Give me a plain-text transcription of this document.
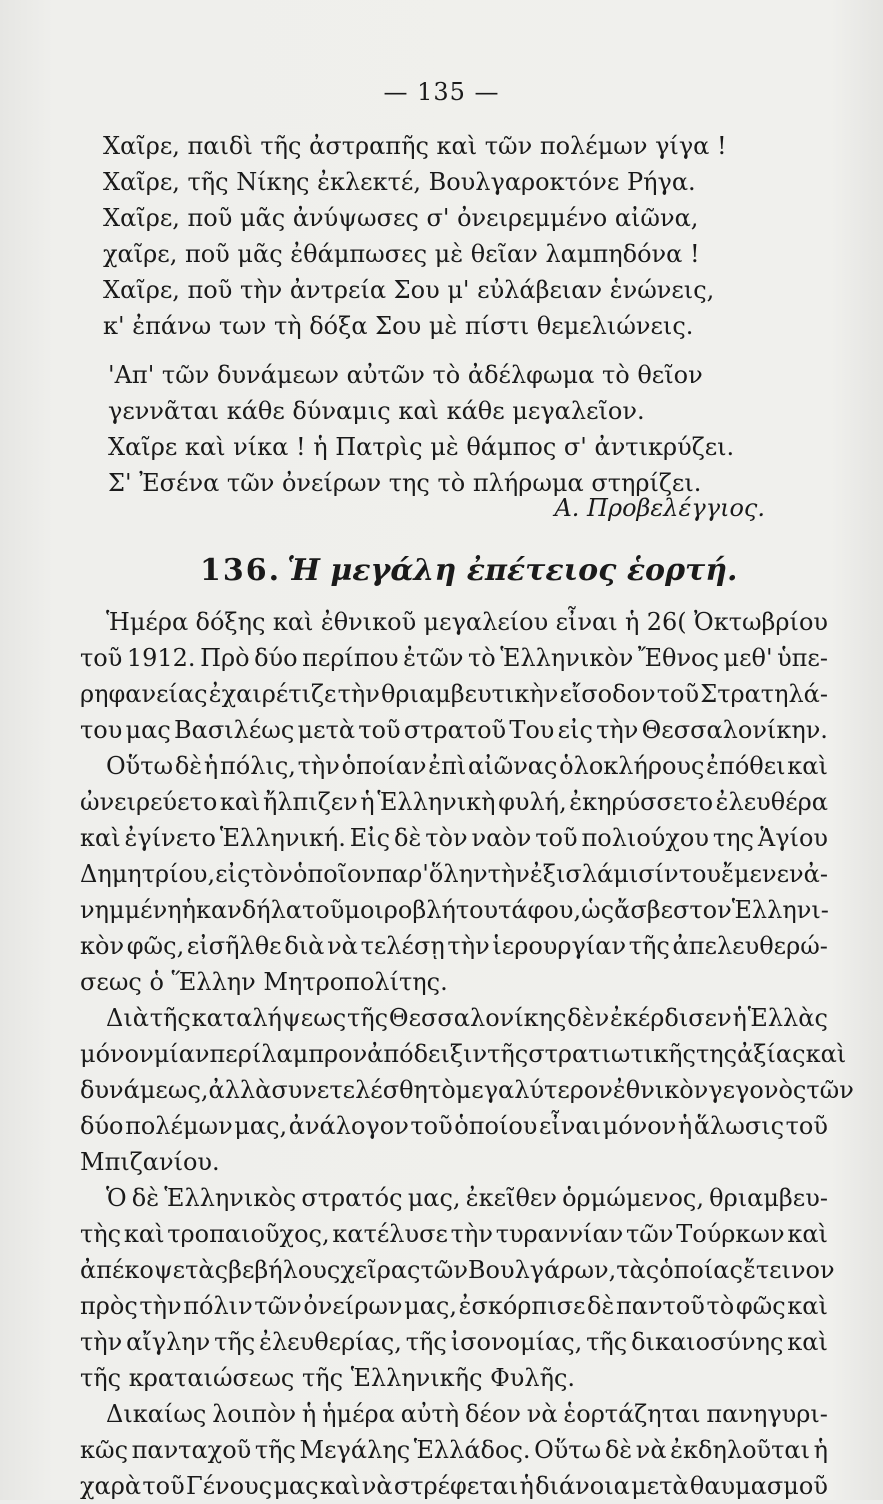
— 135 —
Χαῖρε, παιδὶ τῆς ἀστραπῆς καὶ τῶν πολέμων γίγα !
Χαῖρε, τῆς Νίκης ἐκλεκτέ, Βουλγαροκτόνε Ρήγα.
Χαῖρε, ποῦ μᾶς ἀνύψωσες σ' ὀνειρεμμένο αἰῶνα,
χαῖρε, ποῦ μᾶς ἐθάμπωσες μὲ θεῖαν λαμπηδόνα !
Χαῖρε, ποῦ τὴν ἀντρεία Σου μ' εὐλάβειαν ἑνώνεις,
κ' ἐπάνω των τὴ δόξα Σου μὲ πίστι θεμελιώνεις.
'Απ' τῶν δυνάμεων αὐτῶν τὸ ἀδέλφωμα τὸ θεῖον
γεννᾶται κάθε δύναμις καὶ κάθε μεγαλεῖον.
Χαῖρε καὶ νίκα ! ἡ Πατρὶς μὲ θάμπος σ' ἀντικρύζει.
Σ' Ἐσένα τῶν ὀνείρων της τὸ πλήρωμα στηρίζει.
Α. Προβελέγγιος.
136. Ἡ μεγάλη ἐπέτειος ἑορτή.
Ἡμέρα δόξης καὶ ἐθνικοῦ μεγαλείου εἶναι ἡ 26( Ὀκτωβρίου
τοῦ 1912. Πρὸ δύο περίπου ἐτῶν τὸ Ἑλληνικὸν Ἔθνος μεθ' ὑπε-
ρηφανείας ἐχαιρέτιζε τὴν θριαμβευτικὴν εἴσοδον τοῦ Στρατηλά-
του μας Βασιλέως μετὰ τοῦ στρατοῦ Του εἰς τὴν Θεσσαλονίκην.
Οὕτω δὲ ἡ πόλις, τὴν ὁποίαν ἐπὶ αἰῶνας ὁλοκλήρους ἐπόθει καὶ
ὠνειρεύετο καὶ ἤλπιζεν ἡ Ἑλληνικὴ φυλή, ἐκηρύσσετο ἐλευθέρα
καὶ ἐγίνετο Ἑλληνική. Εἰς δὲ τὸν ναὸν τοῦ πολιούχου της Ἁγίου
Δημητρίου, εἰς τὸν ὁποῖον παρ' ὅλην τὴν ἐξισλάμισίν του ἔμενεν ἀ-
νημμένη ἡ κανδήλα τοῦ μοιροβλήτου τάφου, ὡς ἄσβεστον Ἑλληνι-
κὸν φῶς, εἰσῆλθε διὰ νὰ τελέσῃ τὴν ἱερουργίαν τῆς ἀπελευθερώ-
σεως ὁ Ἕλλην Μητροπολίτης.
Διὰ τῆς καταλήψεως τῆς Θεσσαλονίκης δὲν ἐκέρδισεν ἡ Ἑλλὰς
μόνον μίαν περίλαμπρον ἀπόδειξιν τῆς στρατιωτικῆς της ἀξίας καὶ
δυνάμεως, ἀλλὰ συνετελέσθη τὸ μεγαλύτερον ἐθνικὸν γεγονὸς τῶν
δύο πολέμων μας, ἀνάλογον τοῦ ὁποίου εἶναι μόνον ἡ ἅλωσις τοῦ
Μπιζανίου.
Ὁ δὲ Ἑλληνικὸς στρατός μας, ἐκεῖθεν ὁρμώμενος, θριαμβευ-
τὴς καὶ τροπαιοῦχος, κατέλυσε τὴν τυραννίαν τῶν Τούρκων καὶ
ἀπέκοψε τὰς βεβήλους χεῖρας τῶν Βουλγάρων, τὰς ὁποίας ἔτεινον
πρὸς τὴν πόλιν τῶν ὀνείρων μας, ἐσκόρπισε δὲ παντοῦ τὸ φῶς καὶ
τὴν αἴγλην τῆς ἐλευθερίας, τῆς ἰσονομίας, τῆς δικαιοσύνης καὶ
τῆς κραταιώσεως τῆς Ἑλληνικῆς Φυλῆς.
Δικαίως λοιπὸν ἡ ἡμέρα αὐτὴ δέον νὰ ἑορτάζηται πανηγυρι-
κῶς πανταχοῦ τῆς Μεγάλης Ἑλλάδος. Οὕτω δὲ νὰ ἐκδηλοῦται ἡ
χαρὰ τοῦ Γένους μας καὶ νὰ στρέφεται ἡ διάνοια μετὰ θαυμασμοῦ
